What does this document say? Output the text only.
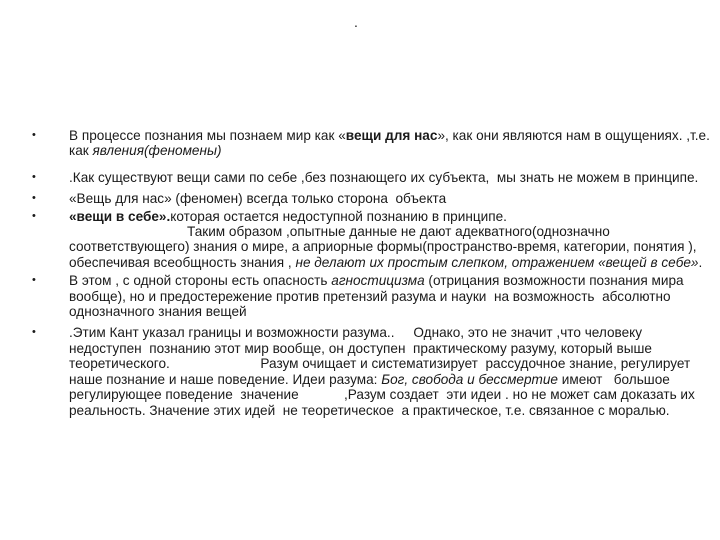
.
• В процессе познания мы познаем мир как «вещи для нас», как они являются нам в ощущениях. ,т.е. как явления(феномены)
• .Как существуют вещи сами по себе ,без познающего их субъекта,  мы знать не можем в принципе.
• «Вещь для нас» (феномен) всегда только сторона  объекта
• «вещи в себе».которая остается недоступной познанию в принципе.
Таким образом ,опытные данные не дают адекватного(однозначно соответствующего) знания о мире, а априорные формы(пространство-время, категории, понятия ), обеспечивая всеобщность знания , не делают их простым слепком, отражением «вещей в себе».
• В этом , с одной стороны есть опасность агностицизма (отрицания возможности познания мира вообще), но и предостережение против претензий разума и науки  на возможность  абсолютно однозначного знания вещей
• .Этим Кант указал границы и возможности разума..     Однако, это не значит ,что человеку недоступен  познанию этот мир вообще, он доступен  практическому разуму, который выше теоретического.                        Разум очищает и систематизирует  рассудочное знание, регулирует наше познание и наше поведение. Идеи разума: Бог, свобода и бессмертие имеют   большое регулирующее поведение  значение            ,Разум создает  эти идеи . но не может сам доказать их реальность. Значение этих идей  не теоретическое  а практическое, т.е. связанное с моралью.
